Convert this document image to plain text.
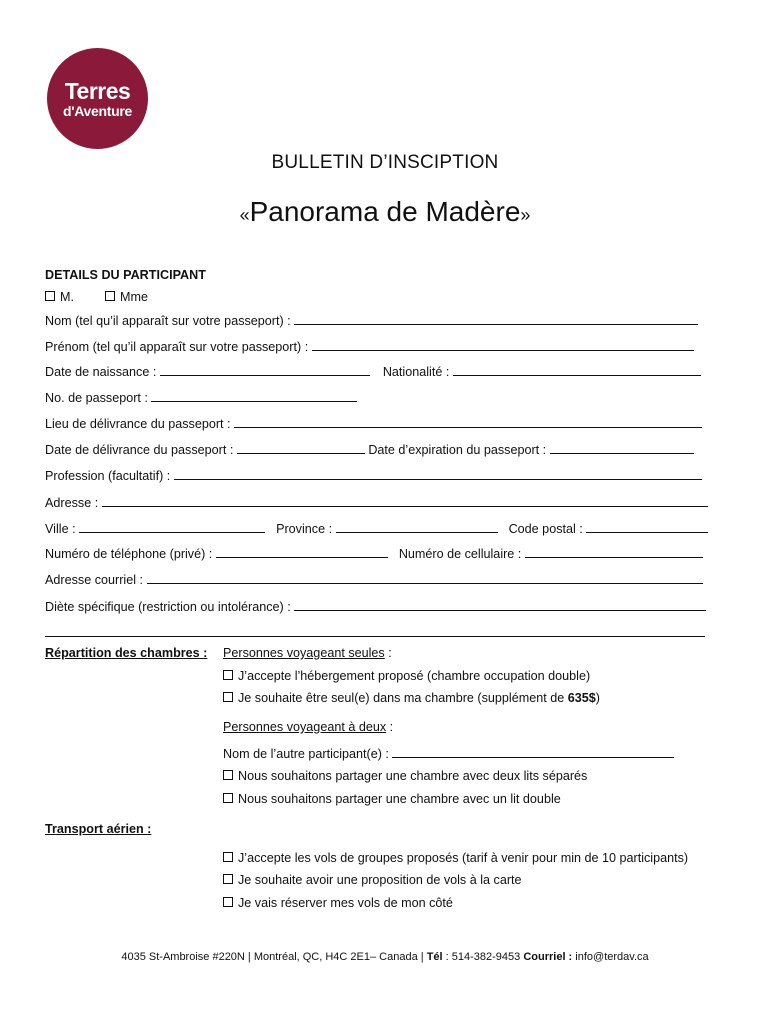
Terres
d'Aventure
BULLETIN D’INSCIPTION
«Panorama de Madère»
DETAILS DU PARTICIPANT
M.	Mme
Nom (tel qu’il apparaît sur votre passeport) :
Prénom (tel qu’il apparaît sur votre passeport) :
Date de naissance :	Nationalité :
No. de passeport :
Lieu de délivrance du passeport :
Date de délivrance du passeport :	Date d’expiration du passeport :
Profession (facultatif) :
Adresse :
Ville :	Province :	Code postal :
Numéro de téléphone (privé) :	Numéro de cellulaire :
Adresse courriel :
Diète spécifique (restriction ou intolérance) :
Répartition des chambres : Personnes voyageant seules :
J’accepte l’hébergement proposé (chambre occupation double)
Je souhaite être seul(e) dans ma chambre (supplément de 635$)
Personnes voyageant à deux :
Nom de l’autre participant(e) :
Nous souhaitons partager une chambre avec deux lits séparés
Nous souhaitons partager une chambre avec un lit double
Transport aérien :
J’accepte les vols de groupes proposés (tarif à venir pour min de 10 participants)
Je souhaite avoir une proposition de vols à la carte
Je vais réserver mes vols de mon côté
4035 St-Ambroise #220N | Montréal, QC, H4C 2E1– Canada | Tél : 514-382-9453 Courriel : info@terdav.ca
